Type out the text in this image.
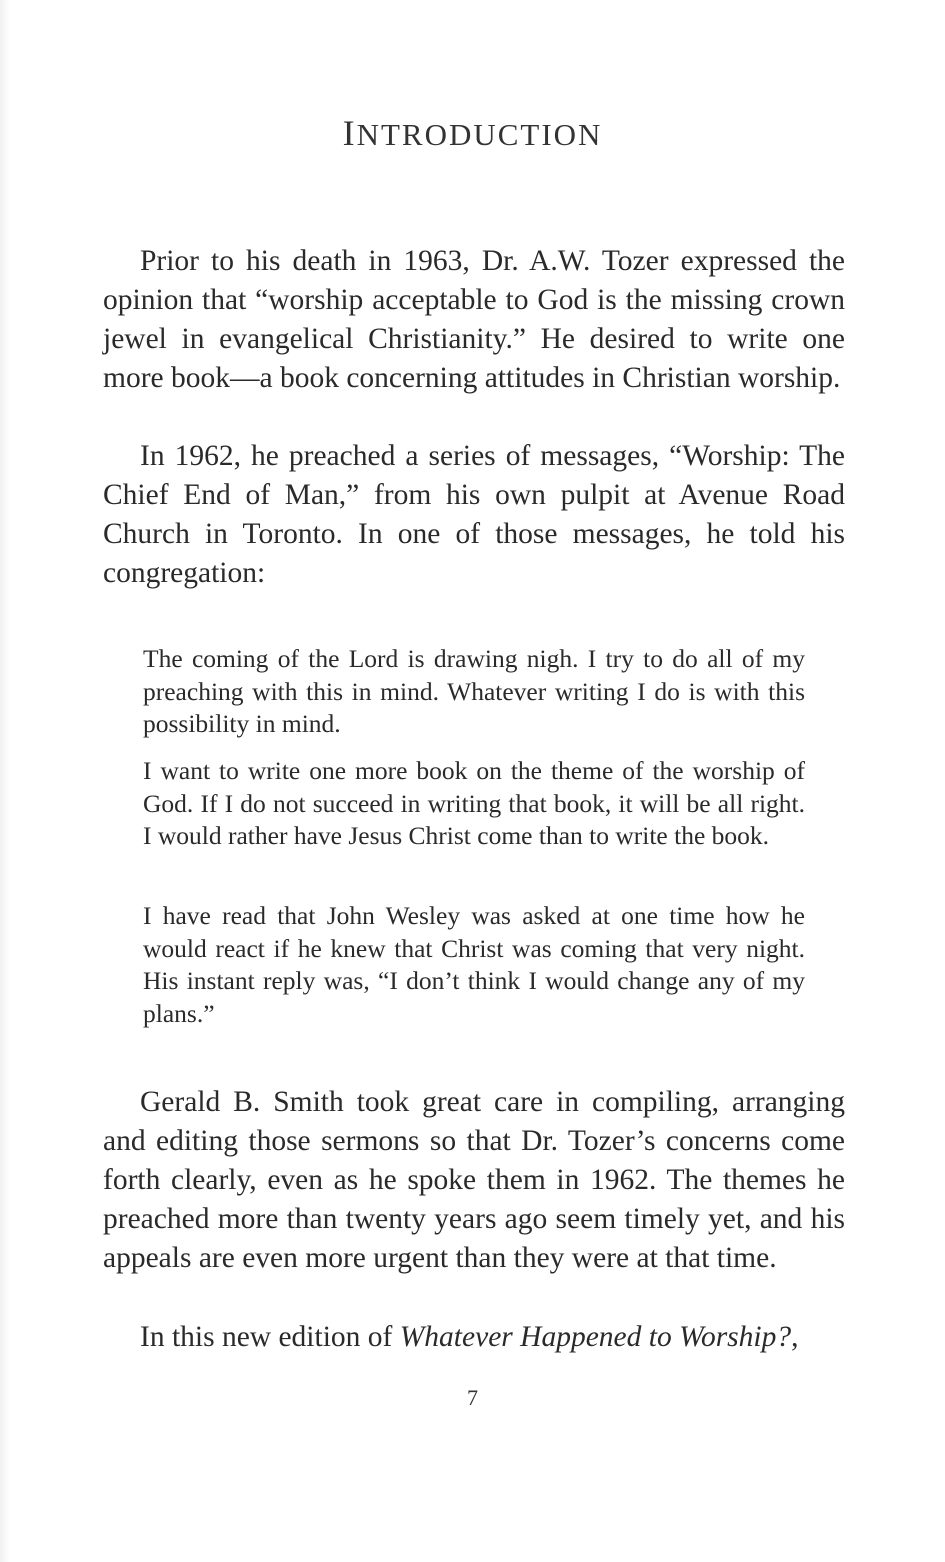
INTRODUCTION

Prior to his death in 1963, Dr. A.W. Tozer expressed the opinion that “worship acceptable to God is the missing crown jewel in evangelical Christianity.” He desired to write one more book—a book concerning attitudes in Christian worship.

In 1962, he preached a series of messages, “Worship: The Chief End of Man,” from his own pulpit at Avenue Road Church in Toronto. In one of those messages, he told his congregation:

The coming of the Lord is drawing nigh. I try to do all of my preaching with this in mind. Whatever writing I do is with this possibility in mind.

I want to write one more book on the theme of the worship of God. If I do not succeed in writing that book, it will be all right. I would rather have Jesus Christ come than to write the book.

I have read that John Wesley was asked at one time how he would react if he knew that Christ was coming that very night. His instant reply was, “I don’t think I would change any of my plans.”

Gerald B. Smith took great care in compiling, arranging and editing those sermons so that Dr. Tozer’s concerns come forth clearly, even as he spoke them in 1962. The themes he preached more than twenty years ago seem timely yet, and his appeals are even more urgent than they were at that time.

In this new edition of Whatever Happened to Worship?,

7
